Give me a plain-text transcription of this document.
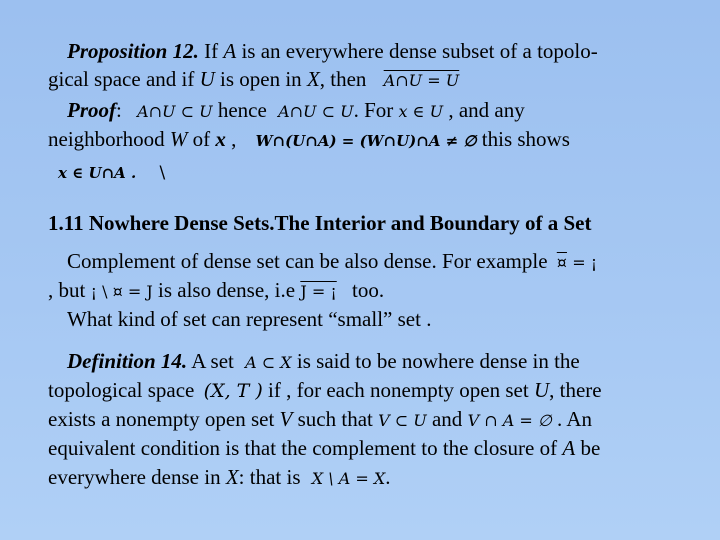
Proposition 12. If A is an everywhere dense subset of a topolo-
gical space and if U is open in X, then A∩U = U
Proof: A∩U ⊂ U hence A∩U ⊂ U. For x ∈ U , and any
neighborhood W of x , W∩(U∩A) = (W∩U)∩A ≠ ∅ this shows
x ∈ U∩A . \
1.11 Nowhere Dense Sets.The Interior and Boundary of a Set
Complement of dense set can be also dense. For example ¤ = ¡
, but ¡ \ ¤ = J is also dense, i.e J = ¡ too.
What kind of set can represent “small” set .
Definition 14. A set A ⊂ X is said to be nowhere dense in the
topological space (X, T ) if , for each nonempty open set U, there
exists a nonempty open set V such that V ⊂ U and V ∩ A = ∅ . An
equivalent condition is that the complement to the closure of A be
everywhere dense in X: that is X \ A = X.
